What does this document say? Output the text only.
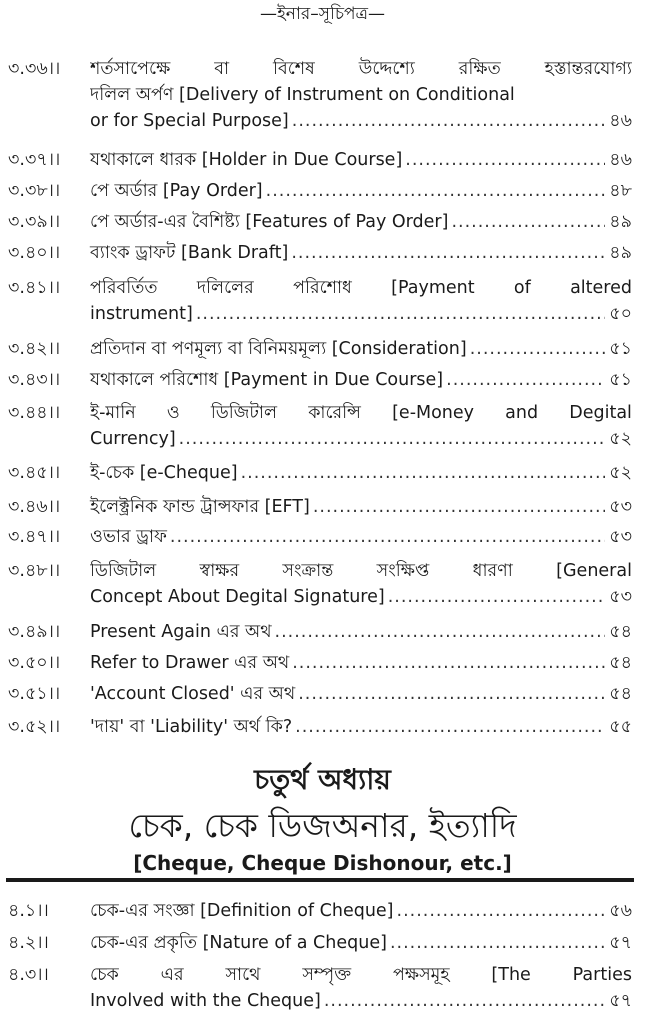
—ইনার–সূচিপত্র—
৩.৩৬।।	শর্তসাপেক্ষে	বা	বিশেষ	উদ্দেশ্যে	রক্ষিত	হস্তান্তরযোগ্য
দলিল অর্পণ [Delivery of Instrument on Conditional
or for Special Purpose] .....	৪৬
৩.৩৭।।	যথাকালে ধারক [Holder in Due Course] .....	৪৬
৩.৩৮।।	পে অর্ডার [Pay Order] .....	৪৮
৩.৩৯।।	পে অর্ডার-এর বৈশিষ্ট্য [Features of Pay Order] .....	৪৯
৩.৪০।।	ব্যাংক ড্রাফট [Bank Draft] .....	৪৯
৩.৪১।।	পরিবর্তিত দলিলের পরিশোধ [Payment of altered
instrument] .....	৫০
৩.৪২।।	প্রতিদান বা পণমূল্য বা বিনিময়মূল্য [Consideration] .....	৫১
৩.৪৩।।	যথাকালে পরিশোধ [Payment in Due Course] .....	৫১
৩.৪৪।।	ই-মানি ও ডিজিটাল কারেন্সি [e-Money and Degital
Currency] .....	৫২
৩.৪৫।।	ই-চেক [e-Cheque] .....	৫২
৩.৪৬।।	ইলেক্ট্রনিক ফান্ড ট্রান্সফার [EFT] .....	৫৩
৩.৪৭।।	ওভার ড্রাফ .....	৫৩
৩.৪৮।।	ডিজিটাল স্বাক্ষর সংক্রান্ত সংক্ষিপ্ত ধারণা [General
Concept About Degital Signature] .....	৫৩
৩.৪৯।।	Present Again এর অথ .....	৫৪
৩.৫০।।	Refer to Drawer এর অথ .....	৫৪
৩.৫১।।	'Account Closed' এর অথ .....	৫৪
৩.৫২।।	'দায়' বা 'Liability' অর্থ কি? .....	৫৫
চতুর্থ অধ্যায়
চেক, চেক ডিজঅনার, ইত্যাদি
[Cheque, Cheque Dishonour, etc.]
৪.১।।	চেক-এর সংজ্ঞা [Definition of Cheque] .....	৫৬
৪.২।।	চেক-এর প্রকৃতি [Nature of a Cheque] .....	৫৭
৪.৩।।	চেক এর সাথে সম্পৃক্ত পক্ষসমূহ [The Parties
Involved with the Cheque] .....	৫৭
